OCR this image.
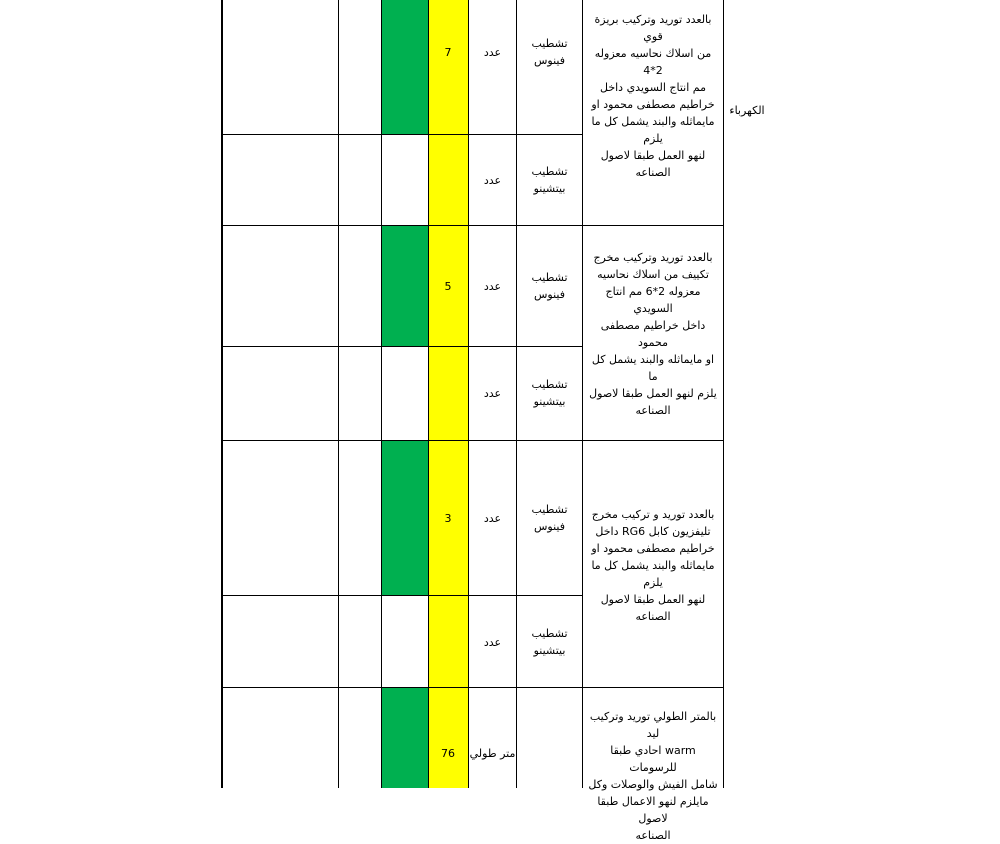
الكهرباء
بالعدد توريد وتركيب بريزة قوي
من اسلاك نحاسيه معزوله 2*4
مم انتاج السويدي داخل
خراطيم مصطفى محمود او
مايماثله والبند يشمل كل ما يلزم
لنهو العمل طبقا لاصول الصناعه
تشطيب
فينوس
عدد
7
تشطيب
بيتشينو
عدد
بالعدد توريد وتركيب مخرج
تكييف من اسلاك نحاسيه
معزوله 2*6 مم انتاج السويدي
داخل خراطيم مصطفى محمود
او مايماثله والبند يشمل كل ما
يلزم لنهو العمل طبقا لاصول
الصناعه
تشطيب
فينوس
عدد
5
تشطيب
بيتشينو
عدد
بالعدد توريد و تركيب مخرج
تليفزيون كابل RG6 داخل
خراطيم مصطفى محمود او
مايماثله والبند يشمل كل ما يلزم
لنهو العمل طبقا لاصول الصناعه
تشطيب
فينوس
عدد
3
تشطيب
بيتشينو
عدد
بالمتر الطولي توريد وتركيب ليد
warm احادي طبقا للرسومات
شامل الفيش والوصلات وكل
مايلزم لنهو الاعمال طبقا لاصول
الصناعه
متر طولي
76
